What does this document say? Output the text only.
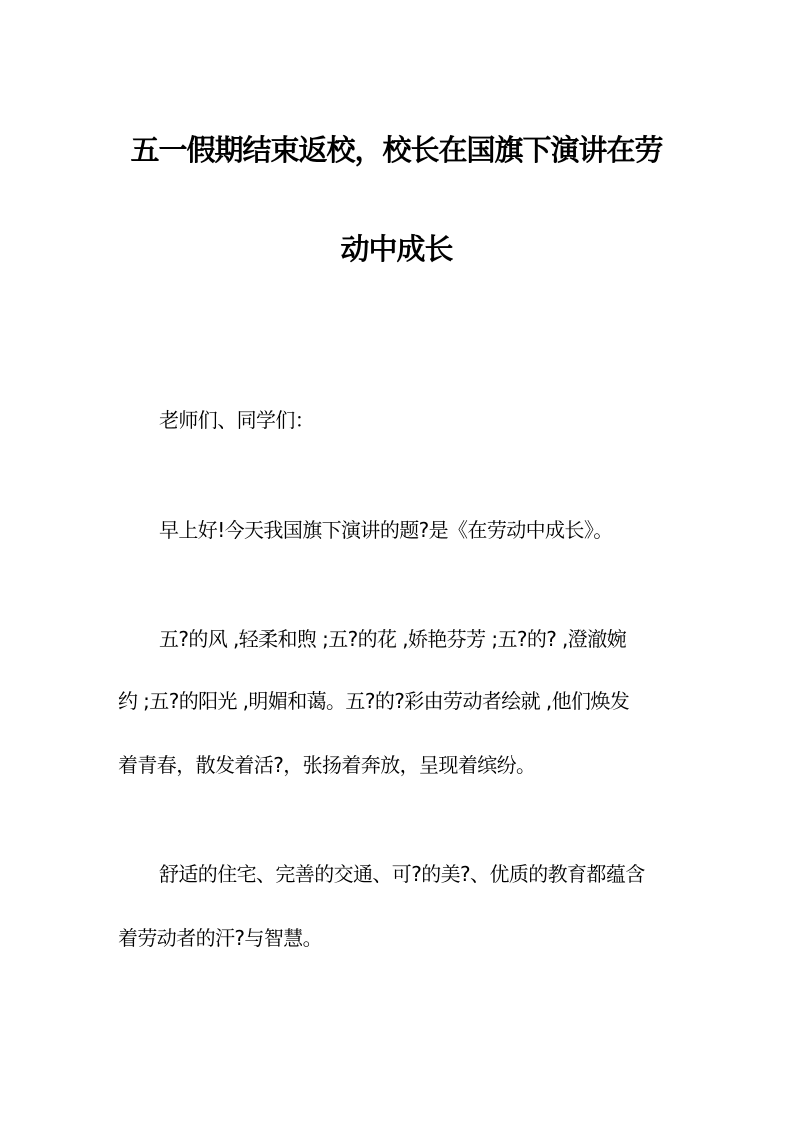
五一假期结束返校，校长在国旗下演讲在劳
动中成长
老师们、同学们：
早上好!今天我国旗下演讲的题?是《在劳动中成长》。
五?的风 ,轻柔和煦 ;五?的花 ,娇艳芬芳 ;五?的? ,澄澈婉
约 ;五?的阳光 ,明媚和蔼。五?的?彩由劳动者绘就 ,他们焕发
着青春，散发着活?，张扬着奔放，呈现着缤纷。
舒适的住宅、完善的交通、可?的美?、优质的教育都蕴含
着劳动者的汗?与智慧。
